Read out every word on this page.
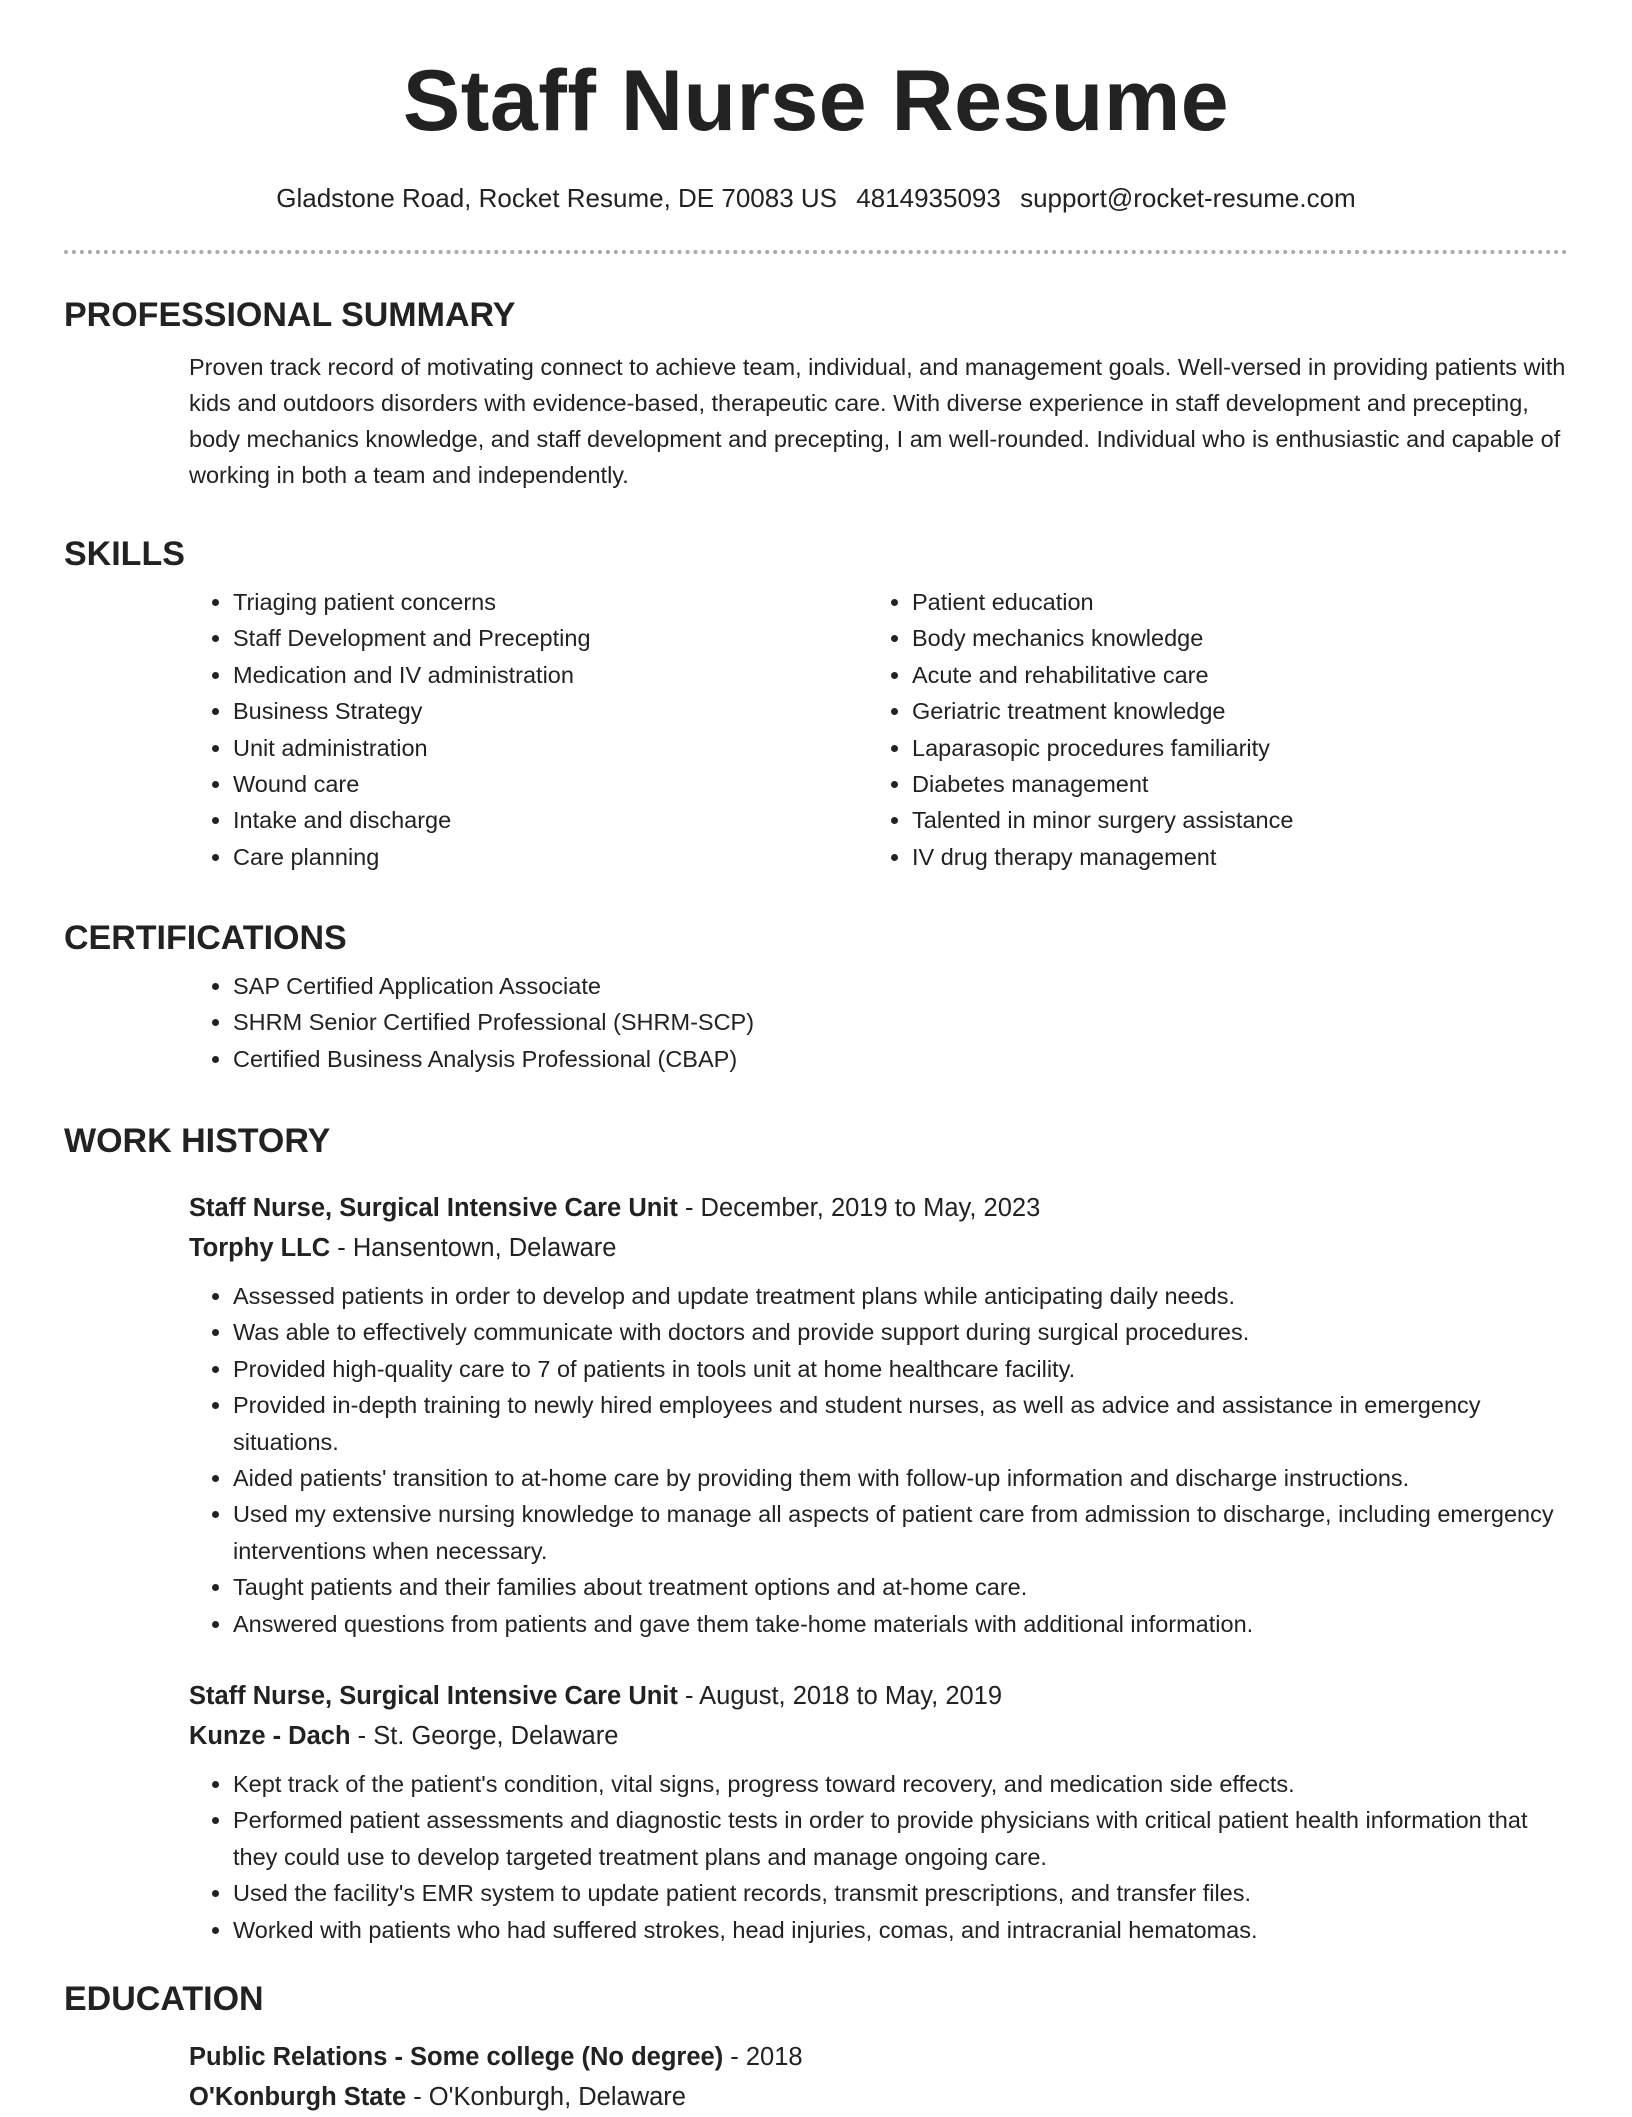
Staff Nurse Resume
Gladstone Road, Rocket Resume, DE 70083 US 4814935093 support@rocket-resume.com
PROFESSIONAL SUMMARY

Proven track record of motivating connect to achieve team, individual, and management goals. Well-versed in providing patients with kids and outdoors disorders with evidence-based, therapeutic care. With diverse experience in staff development and precepting, body mechanics knowledge, and staff development and precepting, I am well-rounded. Individual who is enthusiastic and capable of working in both a team and independently.

SKILLS
• Triaging patient concerns
• Staff Development and Precepting
• Medication and IV administration
• Business Strategy
• Unit administration
• Wound care
• Intake and discharge
• Care planning
• Patient education
• Body mechanics knowledge
• Acute and rehabilitative care
• Geriatric treatment knowledge
• Laparasopic procedures familiarity
• Diabetes management
• Talented in minor surgery assistance
• IV drug therapy management
CERTIFICATIONS
• SAP Certified Application Associate
• SHRM Senior Certified Professional (SHRM-SCP)
• Certified Business Analysis Professional (CBAP)
WORK HISTORY
Staff Nurse, Surgical Intensive Care Unit - December, 2019 to May, 2023
Torphy LLC - Hansentown, Delaware
• Assessed patients in order to develop and update treatment plans while anticipating daily needs.
• Was able to effectively communicate with doctors and provide support during surgical procedures.
• Provided high-quality care to 7 of patients in tools unit at home healthcare facility.
• Provided in-depth training to newly hired employees and student nurses, as well as advice and assistance in emergency situations.
• Aided patients' transition to at-home care by providing them with follow-up information and discharge instructions.
• Used my extensive nursing knowledge to manage all aspects of patient care from admission to discharge, including emergency interventions when necessary.
• Taught patients and their families about treatment options and at-home care.
• Answered questions from patients and gave them take-home materials with additional information.
Staff Nurse, Surgical Intensive Care Unit - August, 2018 to May, 2019
Kunze - Dach - St. George, Delaware
• Kept track of the patient's condition, vital signs, progress toward recovery, and medication side effects.
• Performed patient assessments and diagnostic tests in order to provide physicians with critical patient health information that they could use to develop targeted treatment plans and manage ongoing care.
• Used the facility's EMR system to update patient records, transmit prescriptions, and transfer files.
• Worked with patients who had suffered strokes, head injuries, comas, and intracranial hematomas.
EDUCATION
Public Relations - Some college (No degree) - 2018
O'Konburgh State - O'Konburgh, Delaware
